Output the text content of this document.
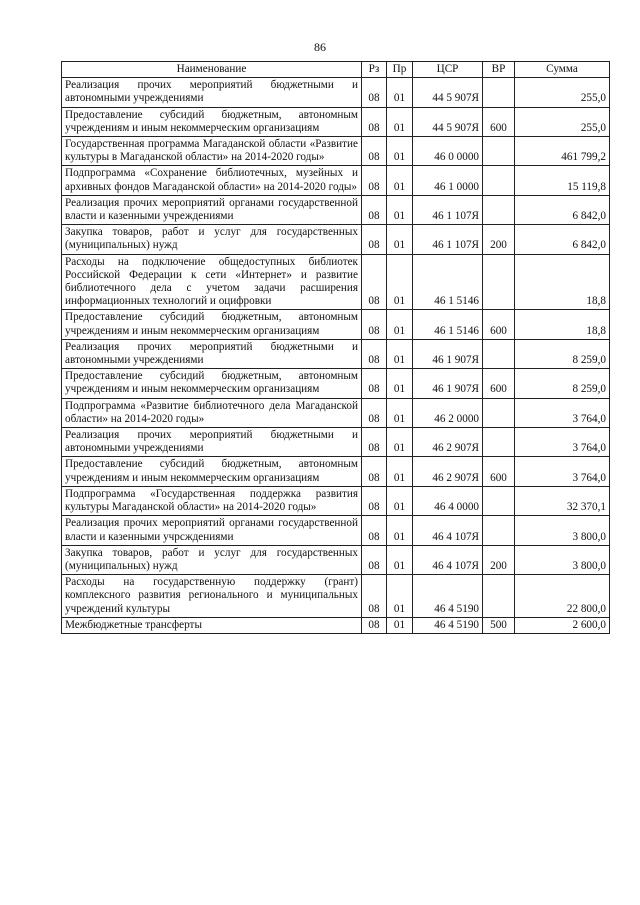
86
Наименование	Рз	Пр	ЦСР	ВР	Сумма
Реализация прочих мероприятий бюджетными и автономными учреждениями	08	01	44 5 907Я		255,0
Предоставление субсидий бюджетным, автономным учреждениям и иным некоммерческим организациям	08	01	44 5 907Я	600	255,0
Государственная программа Магаданской области «Развитие культуры в Магаданской области» на 2014-2020 годы»	08	01	46 0 0000		461 799,2
Подпрограмма «Сохранение библиотечных, музейных и архивных фондов Магаданской области» на 2014-2020 годы»	08	01	46 1 0000		15 119,8
Реализация прочих мероприятий органами государственной власти и казенными учреждениями	08	01	46 1 107Я		6 842,0
Закупка товаров, работ и услуг для государственных (муниципальных) нужд	08	01	46 1 107Я	200	6 842,0
Расходы на подключение общедоступных библиотек Российской Федерации к сети «Интернет» и развитие библиотечного дела с учетом задачи расширения информационных технологий и оцифровки	08	01	46 1 5146		18,8
Предоставление субсидий бюджетным, автономным учреждениям и иным некоммерческим организациям	08	01	46 1 5146	600	18,8
Реализация прочих мероприятий бюджетными и автономными учреждениями	08	01	46 1 907Я		8 259,0
Предоставление субсидий бюджетным, автономным учреждениям и иным некоммерческим организациям	08	01	46 1 907Я	600	8 259,0
Подпрограмма «Развитие библиотечного дела Магаданской области» на 2014-2020 годы»	08	01	46 2 0000		3 764,0
Реализация прочих мероприятий бюджетными и автономными учреждениями	08	01	46 2 907Я		3 764,0
Предоставление субсидий бюджетным, автономным учреждениям и иным некоммерческим организациям	08	01	46 2 907Я	600	3 764,0
Подпрограмма «Государственная поддержка развития культуры Магаданской области» на 2014-2020 годы»	08	01	46 4 0000		32 370,1
Реализация прочих мероприятий органами государственной власти и казенными учрсждениями	08	01	46 4 107Я		3 800,0
Закупка товаров, работ и услуг для государственных (муниципальных) нужд	08	01	46 4 107Я	200	3 800,0
Расходы на государственную поддержку (грант) комплексного развития регионального и муниципальных учреждений культуры	08	01	46 4 5190		22 800,0
Межбюджетные трансферты	08	01	46 4 5190	500	2 600,0
